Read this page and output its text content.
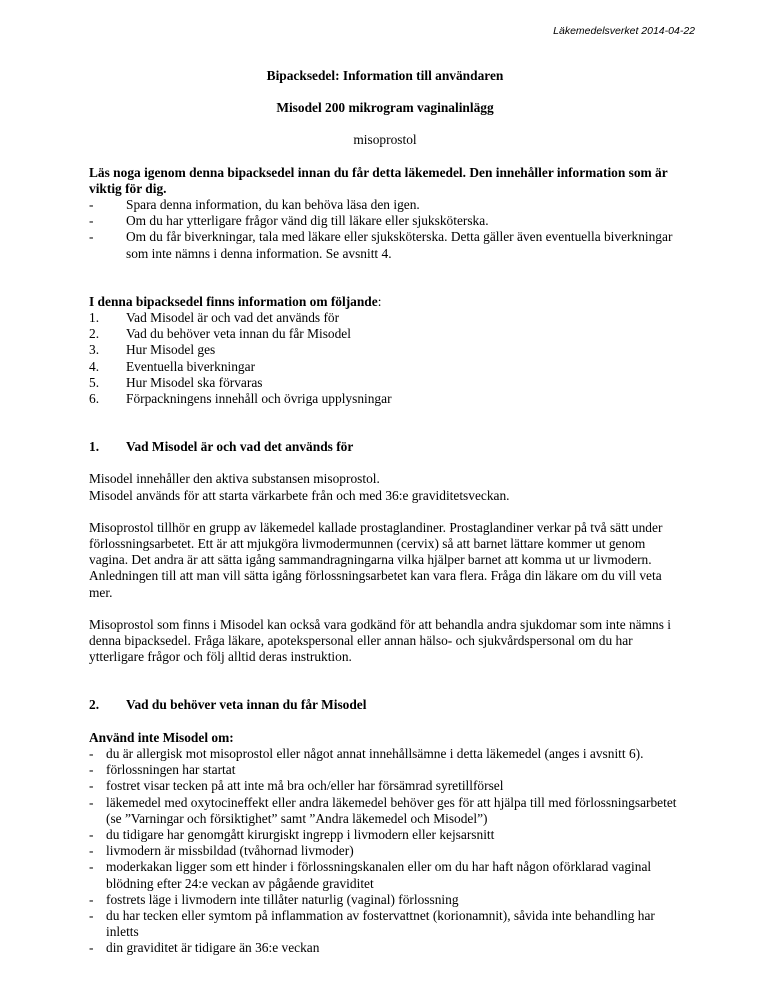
Läkemedelsverket 2014-04-22

Bipacksedel: Information till användaren

Misodel 200 mikrogram vaginalinlägg

misoprostol

Läs noga igenom denna bipacksedel innan du får detta läkemedel. Den innehåller information som är viktig för dig.

-	Spara denna information, du kan behöva läsa den igen.
-	Om du har ytterligare frågor vänd dig till läkare eller sjuksköterska.
-	Om du får biverkningar, tala med läkare eller sjuksköterska. Detta gäller även eventuella biverkningar som inte nämns i denna information. Se avsnitt 4.

I denna bipacksedel finns information om följande:

1.	Vad Misodel är och vad det används för
2.	Vad du behöver veta innan du får Misodel
3.	Hur Misodel ges
4.	Eventuella biverkningar
5.	Hur Misodel ska förvaras
6.	Förpackningens innehåll och övriga upplysningar
1.	Vad Misodel är och vad det används för

Misodel innehåller den aktiva substansen misoprostol.

Misodel används för att starta värkarbete från och med 36:e graviditetsveckan.

Misoprostol tillhör en grupp av läkemedel kallade prostaglandiner. Prostaglandiner verkar på två sätt under förlossningsarbetet. Ett är att mjukgöra livmodermunnen (cervix) så att barnet lättare kommer ut genom vagina. Det andra är att sätta igång sammandragningarna vilka hjälper barnet att komma ut ur livmodern. Anledningen till att man vill sätta igång förlossningsarbetet kan vara flera. Fråga din läkare om du vill veta mer.

Misoprostol som finns i Misodel kan också vara godkänd för att behandla andra sjukdomar som inte nämns i denna bipacksedel. Fråga läkare, apotekspersonal eller annan hälso- och sjukvårdspersonal om du har ytterligare frågor och följ alltid deras instruktion.

2.	Vad du behöver veta innan du får Misodel

Använd inte Misodel om:

- du är allergisk mot misoprostol eller något annat innehållsämne i detta läkemedel (anges i avsnitt 6).
- förlossningen har startat
- fostret visar tecken på att inte må bra och/eller har försämrad syretillförsel
- läkemedel med oxytocineffekt eller andra läkemedel behöver ges för att hjälpa till med förlossningsarbetet (se ”Varningar och försiktighet” samt ”Andra läkemedel och Misodel”)
- du tidigare har genomgått kirurgiskt ingrepp i livmodern eller kejsarsnitt
- livmodern är missbildad (tvåhornad livmoder)
- moderkakan ligger som ett hinder i förlossningskanalen eller om du har haft någon oförklarad vaginal blödning efter 24:e veckan av pågående graviditet
- fostrets läge i livmodern inte tillåter naturlig (vaginal) förlossning
- du har tecken eller symtom på inflammation av fostervattnet (korionamnit), såvida inte behandling har inletts
- din graviditet är tidigare än 36:e veckan
